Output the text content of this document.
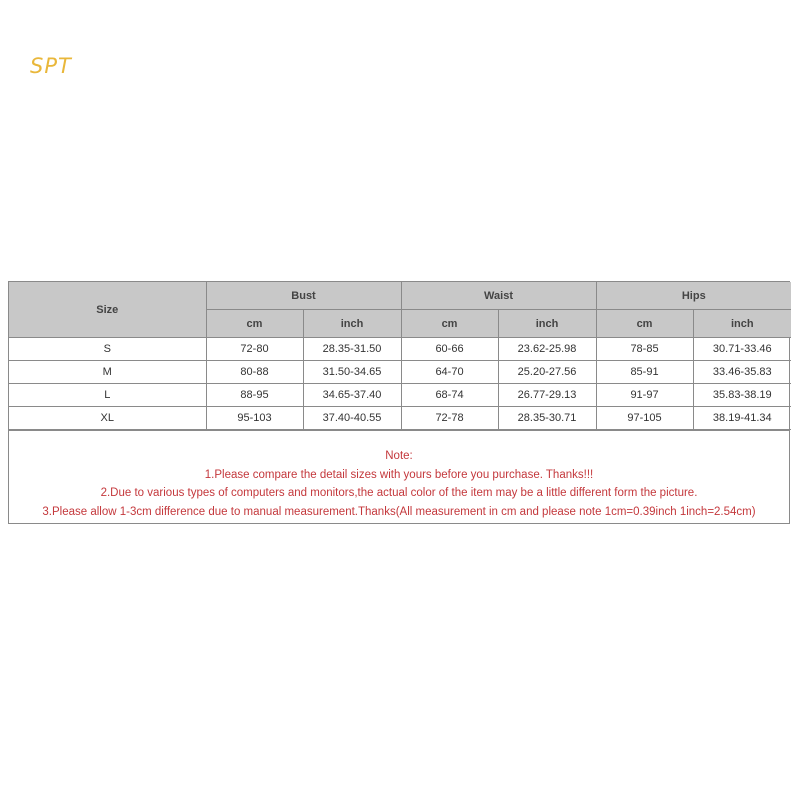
SPT
Size	Bust		Waist		Hips	
	cm	inch	cm	inch	cm	inch
S	72-80	28.35-31.50	60-66	23.62-25.98	78-85	30.71-33.46
M	80-88	31.50-34.65	64-70	25.20-27.56	85-91	33.46-35.83
L	88-95	34.65-37.40	68-74	26.77-29.13	91-97	35.83-38.19
XL	95-103	37.40-40.55	72-78	28.35-30.71	97-105	38.19-41.34
Note:
1.Please compare the detail sizes with yours before you purchase. Thanks!!!
2.Due to various types of computers and monitors,the actual color of the item may be a little different form the picture.
3.Please allow 1-3cm difference due to manual measurement.Thanks(All measurement in cm and please note 1cm=0.39inch 1inch=2.54cm)
